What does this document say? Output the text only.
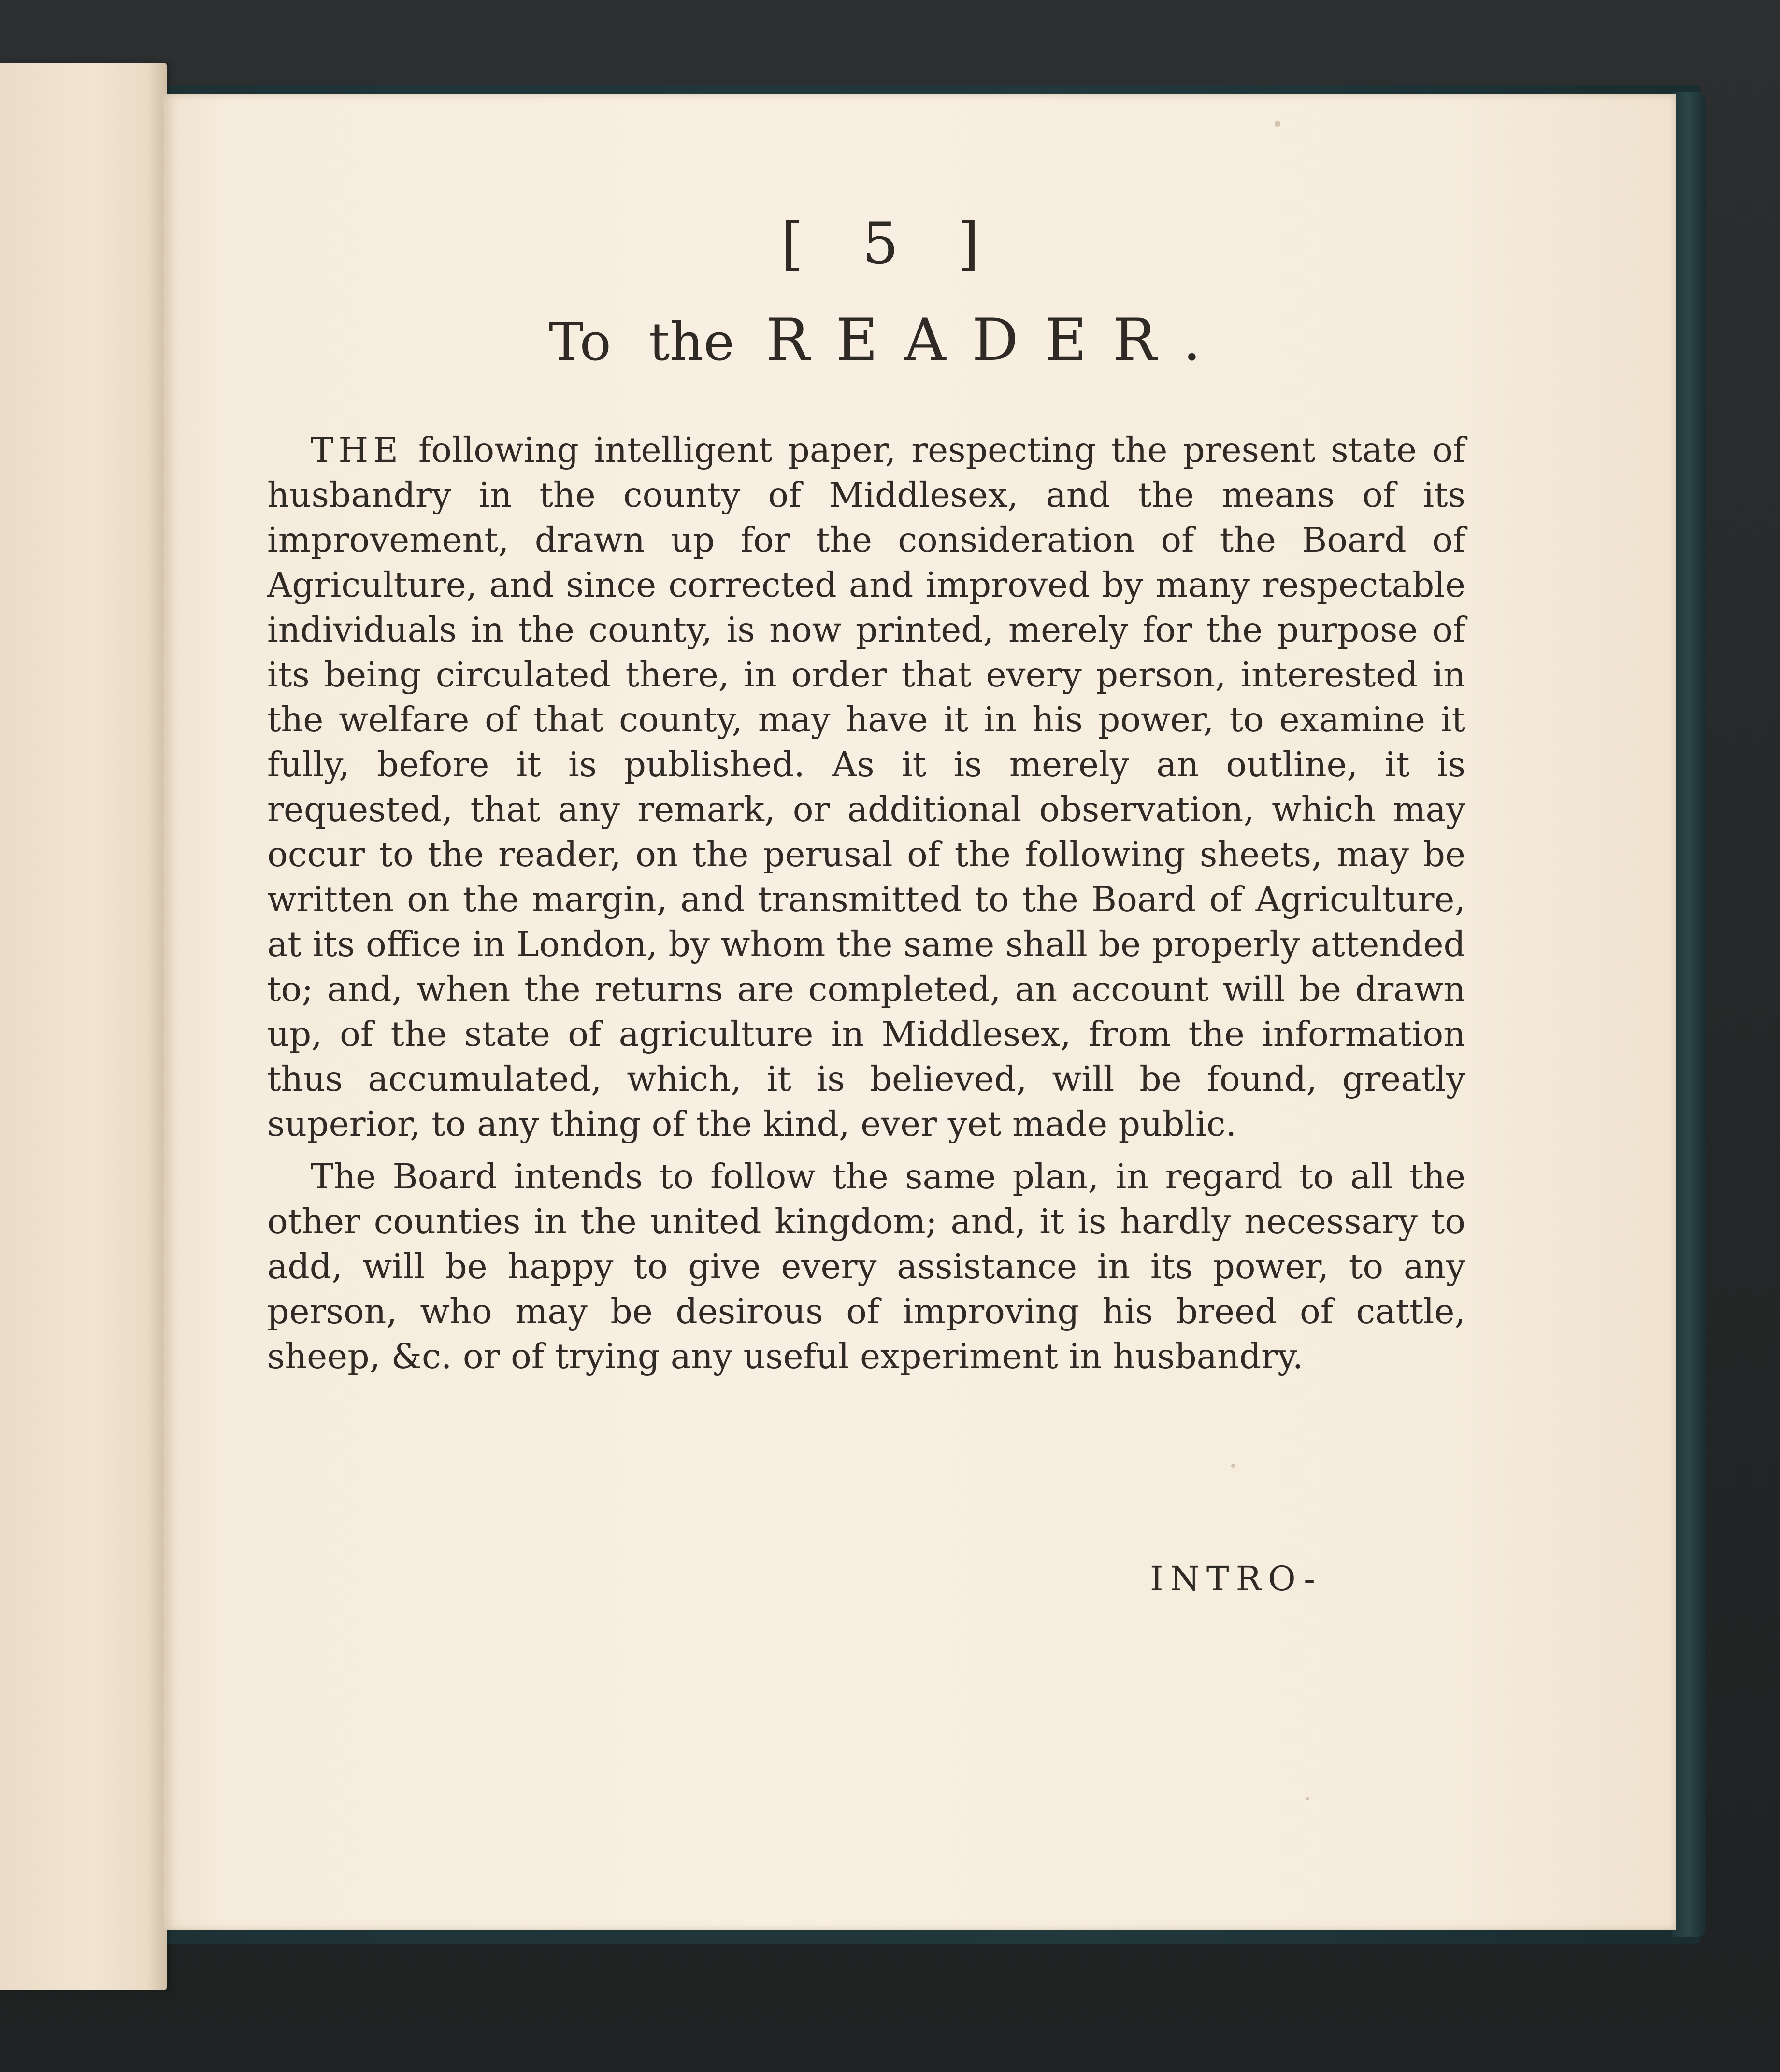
[ 5 ]
To the READER.

THE following intelligent paper, respecting the present state of husbandry in the county of Middlesex, and the means of its improvement, drawn up for the consideration of the Board of Agriculture, and since corrected and improved by many respectable individuals in the county, is now printed, merely for the purpose of its being circulated there, in order that every person, interested in the welfare of that county, may have it in his power, to examine it fully, before it is published. As it is merely an outline, it is requested, that any remark, or additional observation, which may occur to the reader, on the perusal of the following sheets, may be written on the margin, and transmitted to the Board of Agriculture, at its office in London, by whom the same shall be properly attended to; and, when the returns are completed, an account will be drawn up, of the state of agriculture in Middlesex, from the information thus accumulated, which, it is believed, will be found, greatly superior, to any thing of the kind, ever yet made public.

The Board intends to follow the same plan, in regard to all the other counties in the united kingdom; and, it is hardly necessary to add, will be happy to give every assistance in its power, to any person, who may be desirous of improving his breed of cattle, sheep, &c. or of trying any useful experiment in husbandry.

INTRO-
